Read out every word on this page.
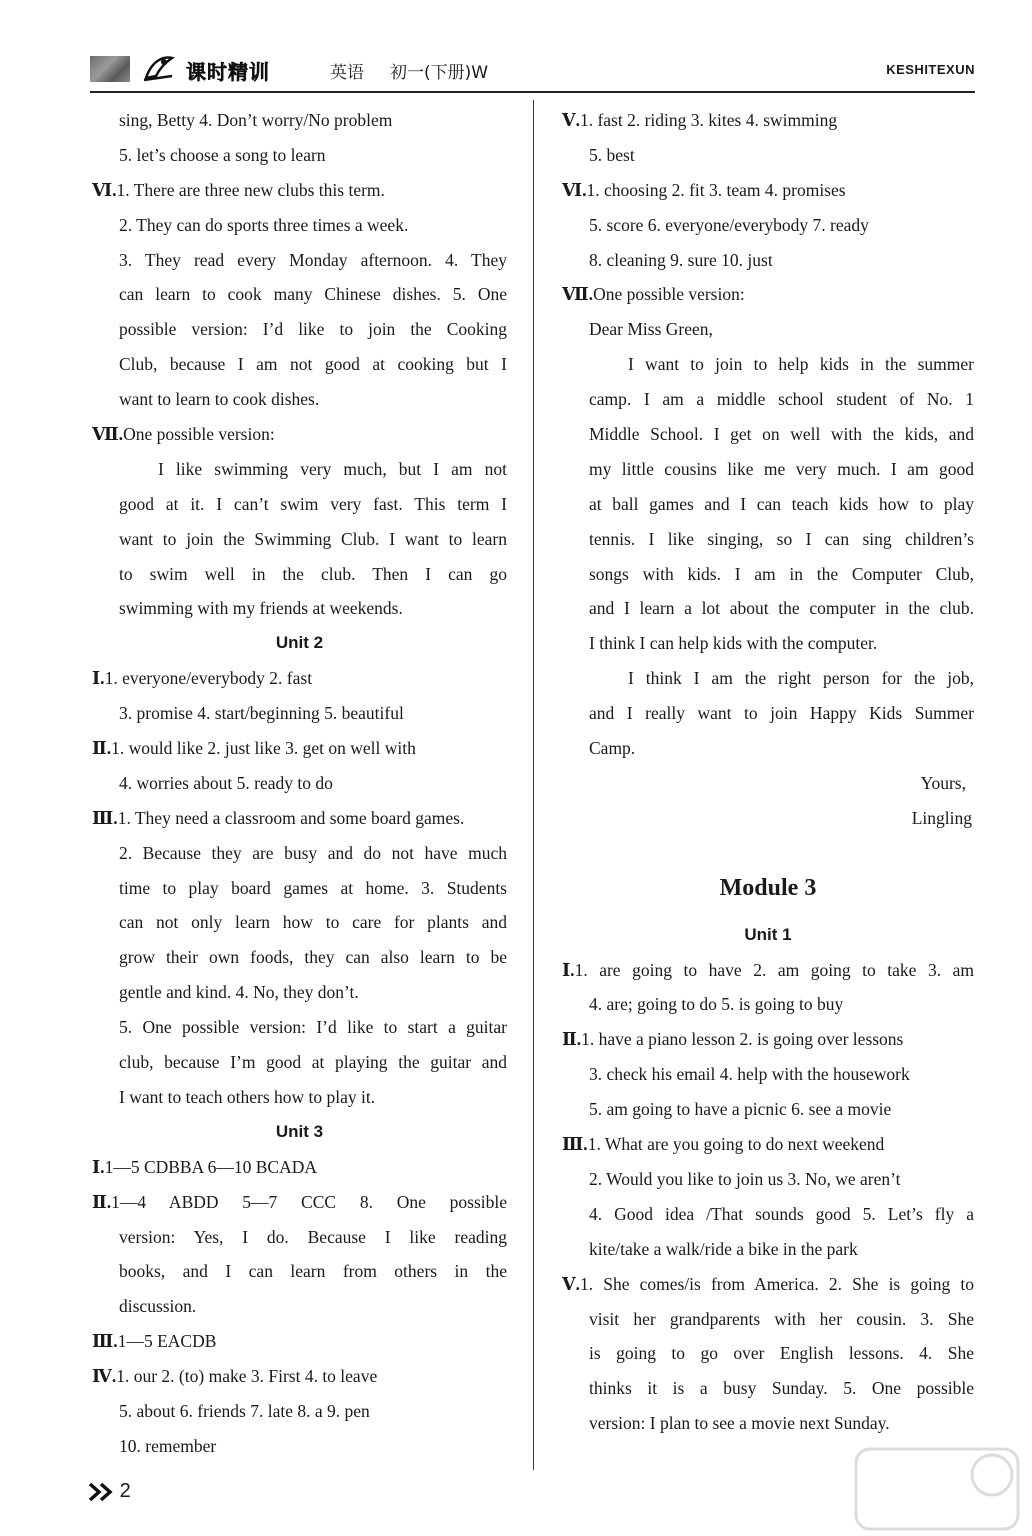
课时精训	英语 初一(下册)W	KESHITEXUN
sing, Betty 4. Don’t worry/No problem
5. let’s choose a song to learn
Ⅵ.1. There are three new clubs this term.
2. They can do sports three times a week.
3. They read every Monday afternoon. 4. They
can learn to cook many Chinese dishes. 5. One
possible version: I’d like to join the Cooking
Club, because I am not good at cooking but I
want to learn to cook dishes.
Ⅶ.One possible version:
I like swimming very much, but I am not
good at it. I can’t swim very fast. This term I
want to join the Swimming Club. I want to learn
to swim well in the club. Then I can go
swimming with my friends at weekends.
Unit 2
Ⅰ.1. everyone/everybody 2. fast
3. promise 4. start/beginning 5. beautiful
Ⅱ.1. would like 2. just like 3. get on well with
4. worries about 5. ready to do
Ⅲ.1. They need a classroom and some board games.
2. Because they are busy and do not have much
time to play board games at home. 3. Students
can not only learn how to care for plants and
grow their own foods, they can also learn to be
gentle and kind. 4. No, they don’t.
5. One possible version: I’d like to start a guitar
club, because I’m good at playing the guitar and
I want to teach others how to play it.
Unit 3
Ⅰ.1—5 CDBBA 6—10 BCADA
Ⅱ.1—4 ABDD 5—7 CCC 8. One possible
version: Yes, I do. Because I like reading
books, and I can learn from others in the
discussion.
Ⅲ.1—5 EACDB
Ⅳ.1. our 2. (to) make 3. First 4. to leave
5. about 6. friends 7. late 8. a 9. pen
10. remember
Ⅴ.1. fast 2. riding 3. kites 4. swimming
5. best
Ⅵ.1. choosing 2. fit 3. team 4. promises
5. score 6. everyone/everybody 7. ready
8. cleaning 9. sure 10. just
Ⅶ.One possible version:
Dear Miss Green,
I want to join to help kids in the summer
camp. I am a middle school student of No. 1
Middle School. I get on well with the kids, and
my little cousins like me very much. I am good
at ball games and I can teach kids how to play
tennis. I like singing, so I can sing children’s
songs with kids. I am in the Computer Club,
and I learn a lot about the computer in the club.
I think I can help kids with the computer.
I think I am the right person for the job,
and I really want to join Happy Kids Summer
Camp.
Yours,
Lingling
Module 3
Unit 1
Ⅰ.1. are going to have 2. am going to take 3. am
4. are; going to do 5. is going to buy
Ⅱ.1. have a piano lesson 2. is going over lessons
3. check his email 4. help with the housework
5. am going to have a picnic 6. see a movie
Ⅲ.1. What are you going to do next weekend
2. Would you like to join us 3. No, we aren’t
4. Good idea /That sounds good 5. Let’s fly a
kite/take a walk/ride a bike in the park
Ⅴ.1. She comes/is from America. 2. She is going to
visit her grandparents with her cousin. 3. She
is going to go over English lessons. 4. She
thinks it is a busy Sunday. 5. One possible
version: I plan to see a movie next Sunday.
2
